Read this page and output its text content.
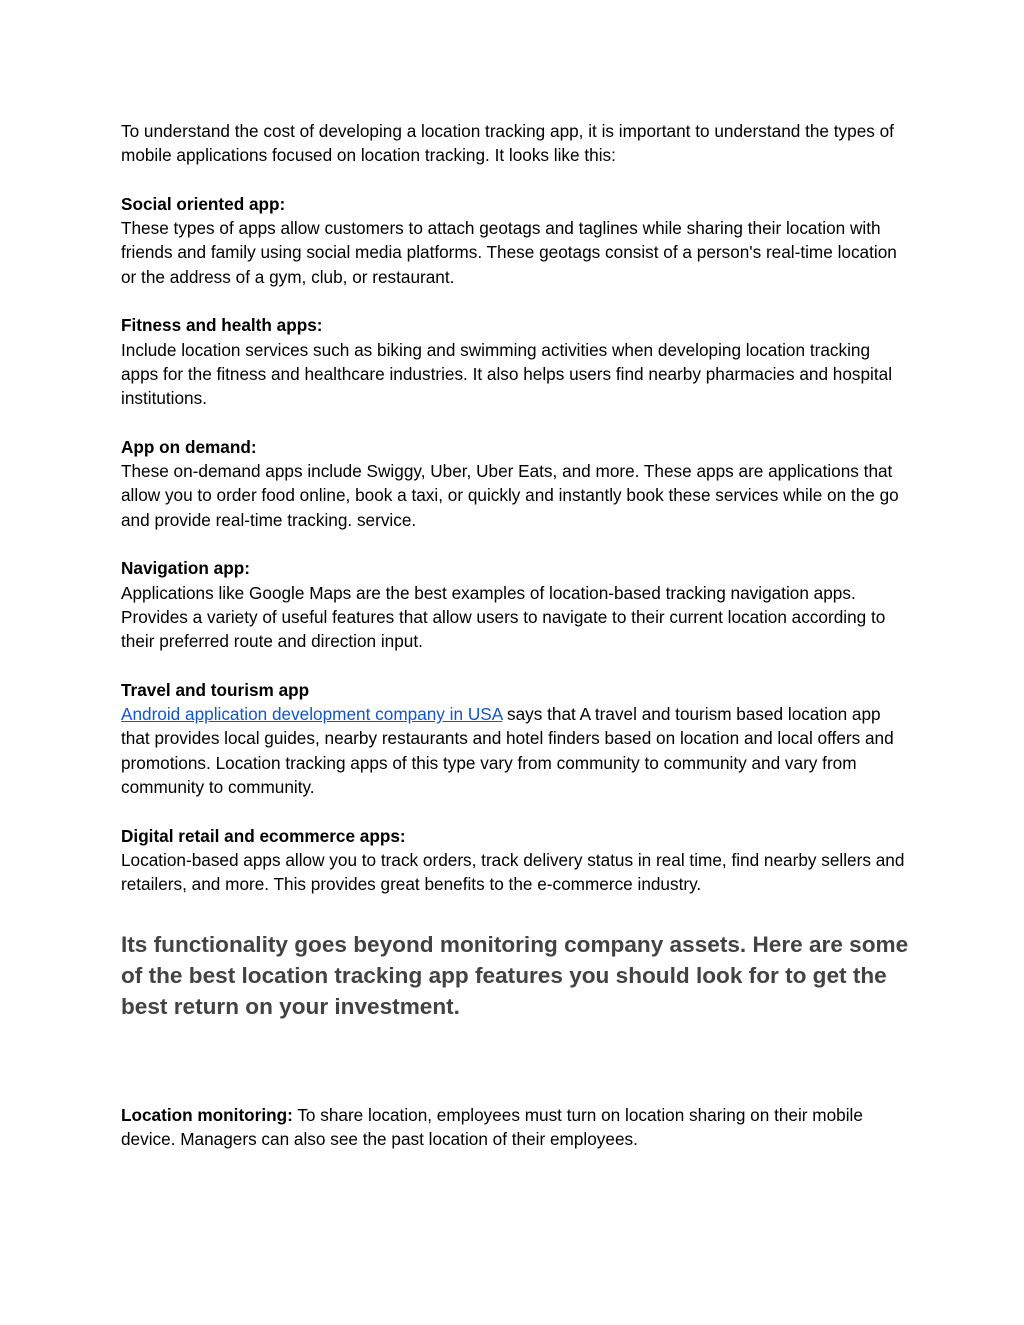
To understand the cost of developing a location tracking app, it is important to understand the types of mobile applications focused on location tracking. It looks like this:

Social oriented app:

These types of apps allow customers to attach geotags and taglines while sharing their location with friends and family using social media platforms. These geotags consist of a person's real-time location or the address of a gym, club, or restaurant.

Fitness and health apps:

Include location services such as biking and swimming activities when developing location tracking apps for the fitness and healthcare industries. It also helps users find nearby pharmacies and hospital institutions.

App on demand:

These on-demand apps include Swiggy, Uber, Uber Eats, and more. These apps are applications that allow you to order food online, book a taxi, or quickly and instantly book these services while on the go and provide real-time tracking. service.

Navigation app:

Applications like Google Maps are the best examples of location-based tracking navigation apps. Provides a variety of useful features that allow users to navigate to their current location according to their preferred route and direction input.

Travel and tourism app

Android application development company in USA says that A travel and tourism based location app that provides local guides, nearby restaurants and hotel finders based on location and local offers and promotions. Location tracking apps of this type vary from community to community and vary from community to community.

Digital retail and ecommerce apps:

Location-based apps allow you to track orders, track delivery status in real time, find nearby sellers and retailers, and more. This provides great benefits to the e-commerce industry.

Its functionality goes beyond monitoring company assets. Here are some of the best location tracking app features you should look for to get the best return on your investment.

Location monitoring: To share location, employees must turn on location sharing on their mobile device. Managers can also see the past location of their employees.
